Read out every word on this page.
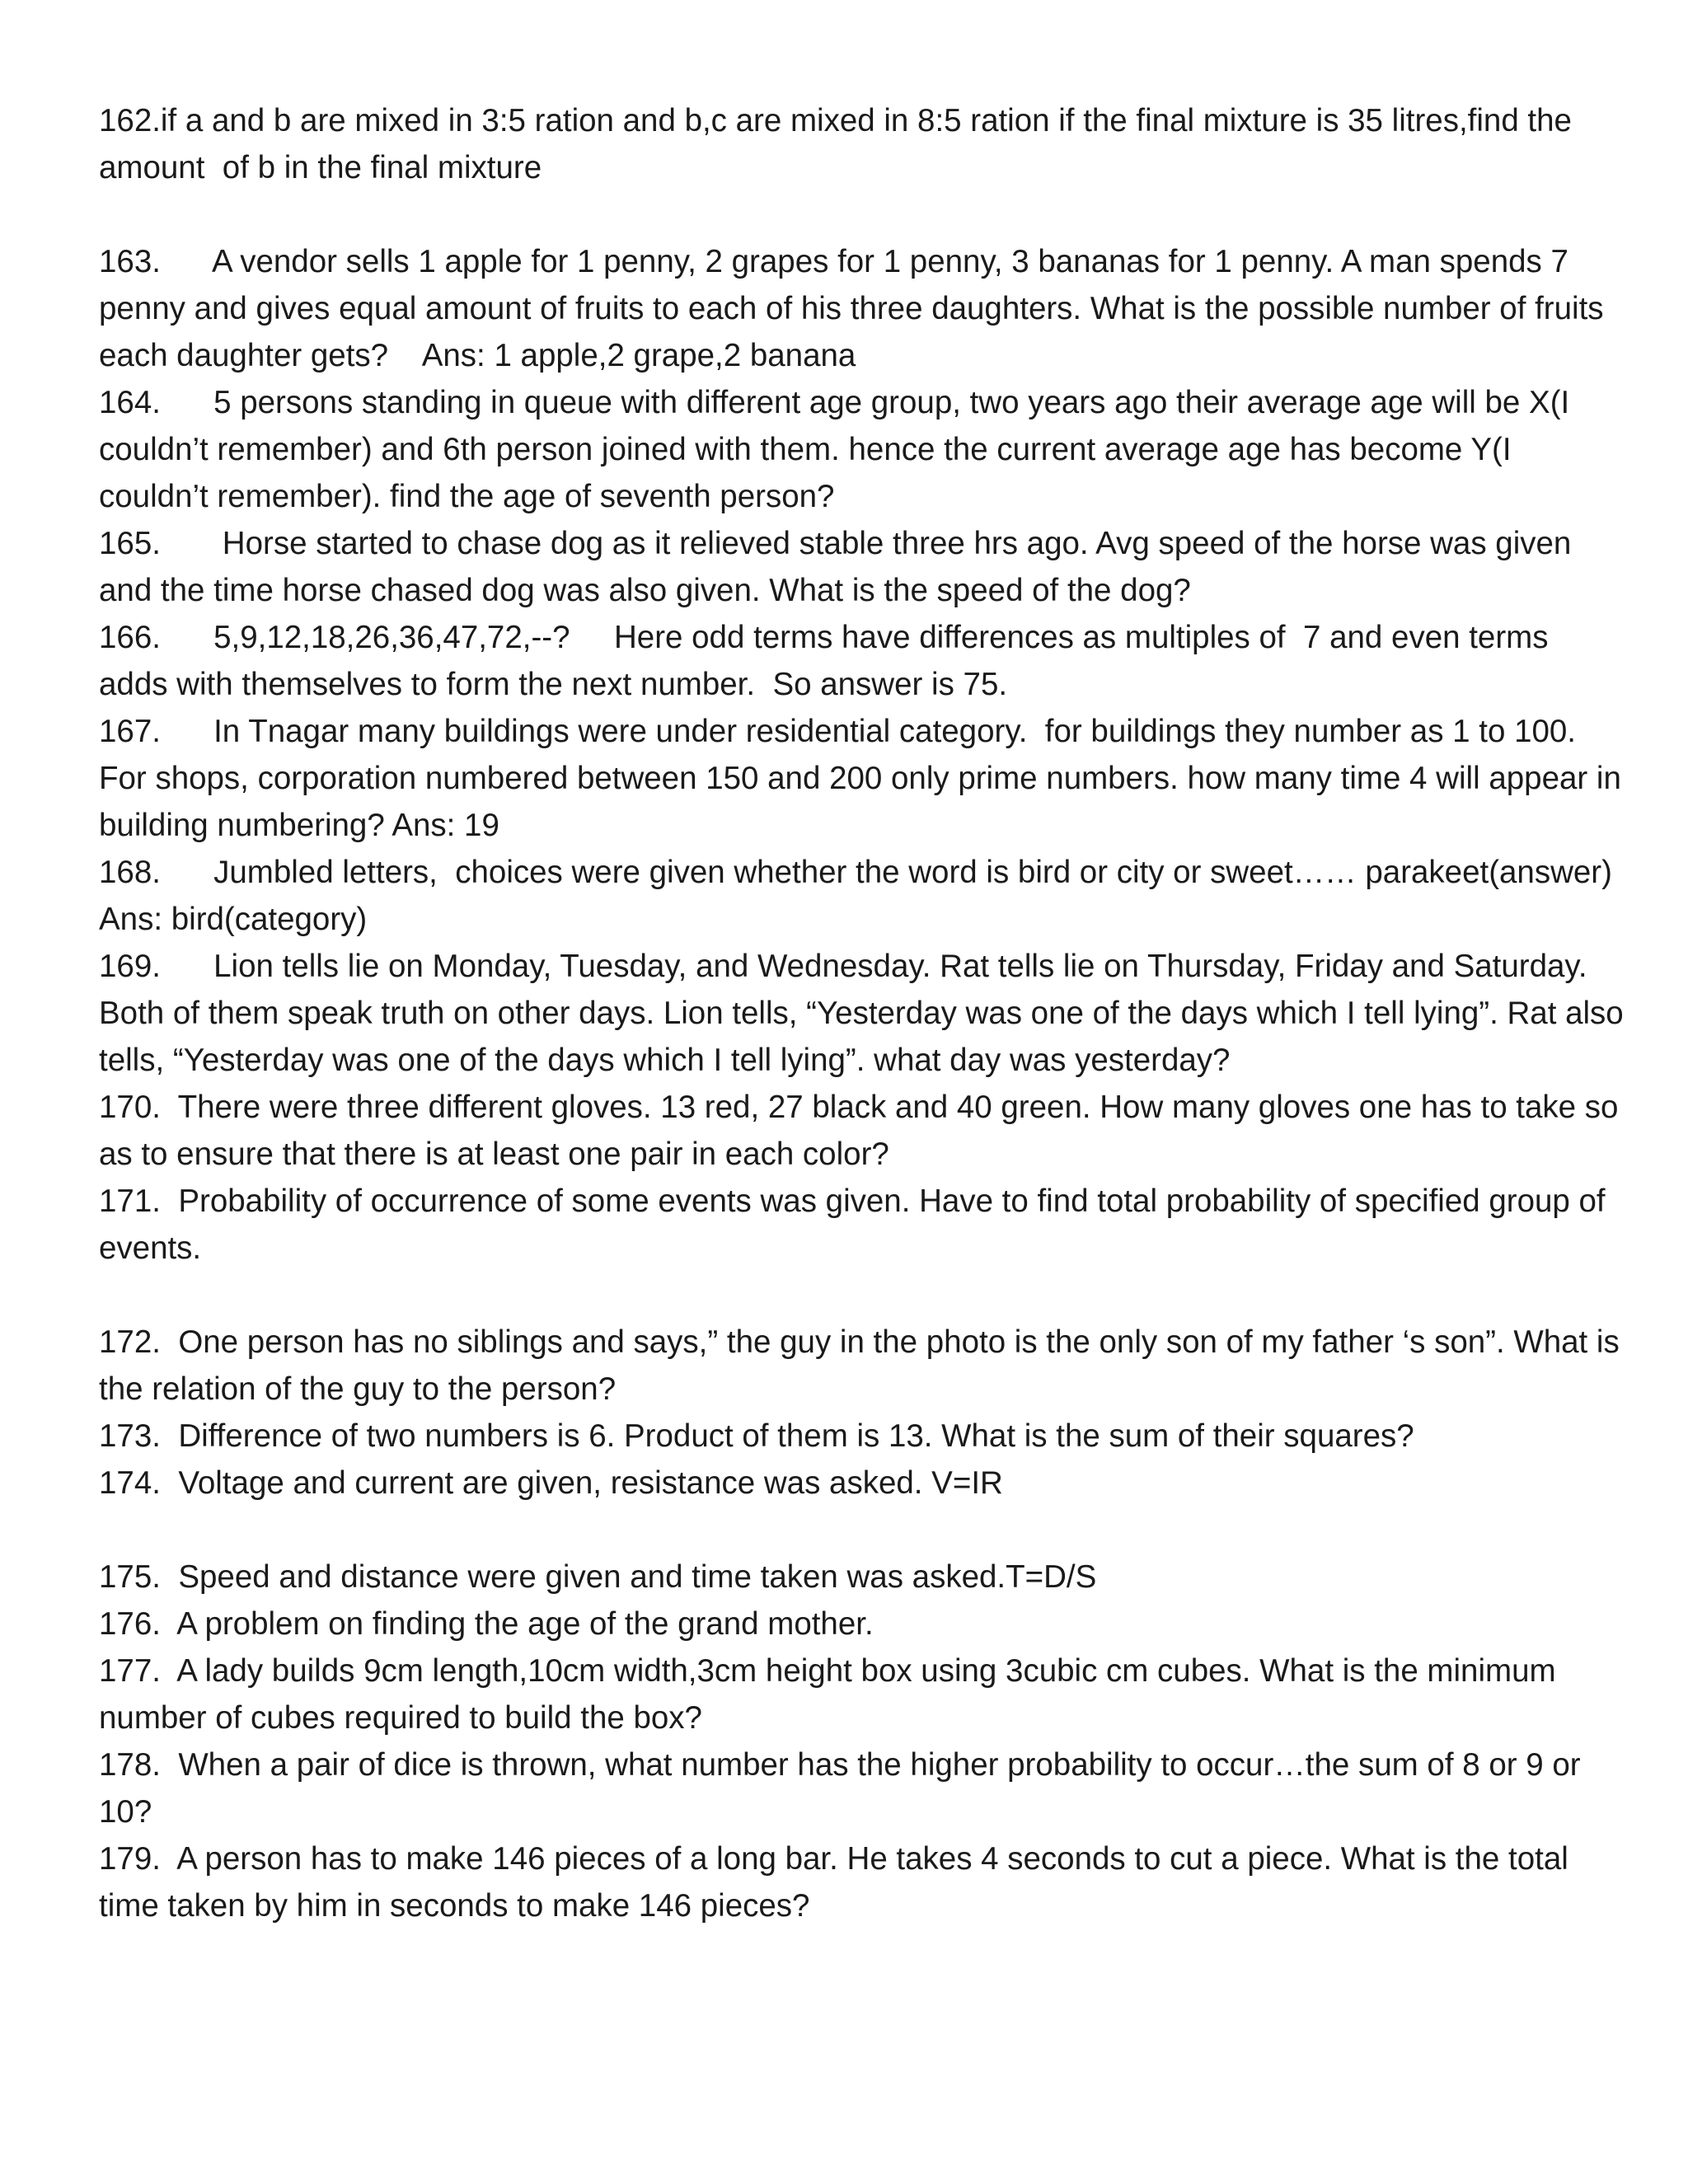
162.if a and b are mixed in 3:5 ration and b,c are mixed in 8:5 ration if the final mixture is 35 litres,find the amount  of b in the final mixture

163.      A vendor sells 1 apple for 1 penny, 2 grapes for 1 penny, 3 bananas for 1 penny. A man spends 7 penny and gives equal amount of fruits to each of his three daughters. What is the possible number of fruits each daughter gets?    Ans: 1 apple,2 grape,2 banana

164.      5 persons standing in queue with different age group, two years ago their average age will be X(I couldn’t remember) and 6th person joined with them. hence the current average age has become Y(I couldn’t remember). find the age of seventh person?

165.       Horse started to chase dog as it relieved stable three hrs ago. Avg speed of the horse was given and the time horse chased dog was also given. What is the speed of the dog?

166.      5,9,12,18,26,36,47,72,--?     Here odd terms have differences as multiples of  7 and even terms adds with themselves to form the next number.  So answer is 75.

167.      In Tnagar many buildings were under residential category.  for buildings they number as 1 to 100. For shops, corporation numbered between 150 and 200 only prime numbers. how many time 4 will appear in building numbering? Ans: 19

168.      Jumbled letters,  choices were given whether the word is bird or city or sweet…… parakeet(answer)

Ans: bird(category)

169.      Lion tells lie on Monday, Tuesday, and Wednesday. Rat tells lie on Thursday, Friday and Saturday. Both of them speak truth on other days. Lion tells, “Yesterday was one of the days which I tell lying”. Rat also tells, “Yesterday was one of the days which I tell lying”. what day was yesterday?

170.  There were three different gloves. 13 red, 27 black and 40 green. How many gloves one has to take so as to ensure that there is at least one pair in each color?

171.  Probability of occurrence of some events was given. Have to find total probability of specified group of events.

172.  One person has no siblings and says,” the guy in the photo is the only son of my father ‘s son”. What is the relation of the guy to the person?

173.  Difference of two numbers is 6. Product of them is 13. What is the sum of their squares?

174.  Voltage and current are given, resistance was asked. V=IR

175.  Speed and distance were given and time taken was asked.T=D/S

176.  A problem on finding the age of the grand mother.

177.  A lady builds 9cm length,10cm width,3cm height box using 3cubic cm cubes. What is the minimum number of cubes required to build the box?

178.  When a pair of dice is thrown, what number has the higher probability to occur…the sum of 8 or 9 or 10?

179.  A person has to make 146 pieces of a long bar. He takes 4 seconds to cut a piece. What is the total time taken by him in seconds to make 146 pieces?
